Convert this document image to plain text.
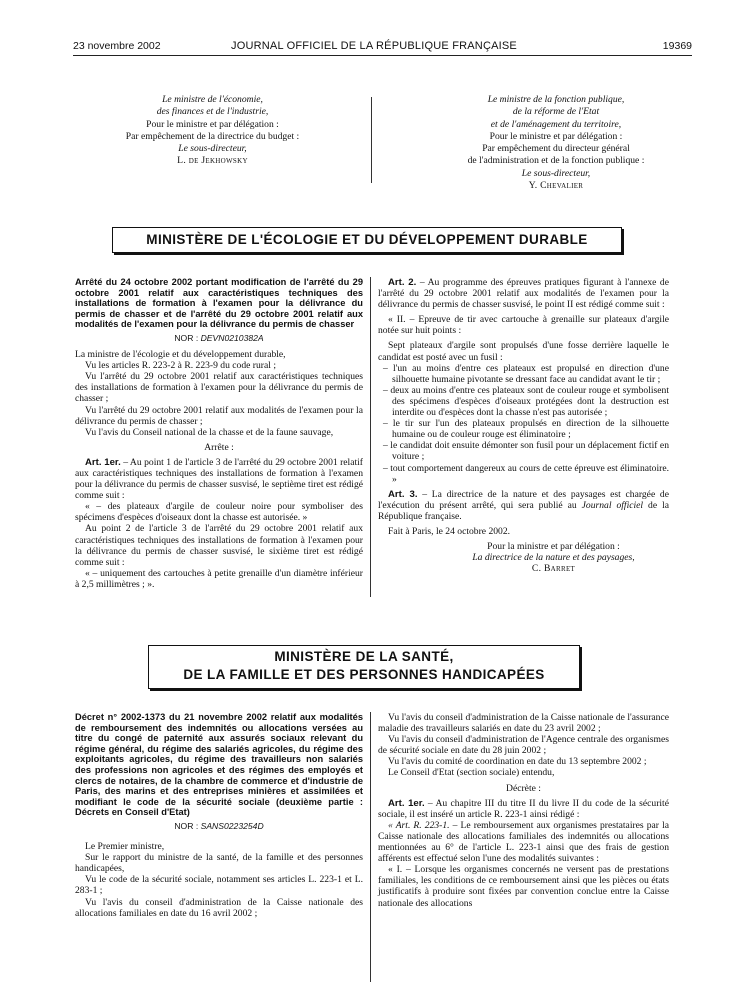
23 novembre 2002	JOURNAL OFFICIEL DE LA RÉPUBLIQUE FRANÇAISE	19369
Le ministre de l'économie,
des finances et de l'industrie,
Pour le ministre et par délégation :
Par empêchement de la directrice du budget :
Le sous-directeur,
L. de Jekhowsky
Le ministre de la fonction publique,
de la réforme de l'Etat
et de l'aménagement du territoire,
Pour le ministre et par délégation :
Par empêchement du directeur général
de l'administration et de la fonction publique :
Le sous-directeur,
Y. Chevalier
MINISTÈRE DE L'ÉCOLOGIE ET DU DÉVELOPPEMENT DURABLE

Arrêté du 24 octobre 2002 portant modification de l'arrêté du 29 octobre 2001 relatif aux caractéristiques techniques des installations de formation à l'examen pour la délivrance du permis de chasser et de l'arrêté du 29 octobre 2001 relatif aux modalités de l'examen pour la délivrance du permis de chasser

NOR : DEVN0210382A

La ministre de l'écologie et du développement durable,

Vu les articles R. 223-2 à R. 223-9 du code rural ;

Vu l'arrêté du 29 octobre 2001 relatif aux caractéristiques techniques des installations de formation à l'examen pour la délivrance du permis de chasser ;

Vu l'arrêté du 29 octobre 2001 relatif aux modalités de l'examen pour la délivrance du permis de chasser ;

Vu l'avis du Conseil national de la chasse et de la faune sauvage,

Arrête :

Art. 1er. – Au point 1 de l'article 3 de l'arrêté du 29 octobre 2001 relatif aux caractéristiques techniques des installations de formation à l'examen pour la délivrance du permis de chasser susvisé, le septième tiret est rédigé comme suit :

« – des plateaux d'argile de couleur noire pour symboliser des spécimens d'espèces d'oiseaux dont la chasse est autorisée. »

Au point 2 de l'article 3 de l'arrêté du 29 octobre 2001 relatif aux caractéristiques techniques des installations de formation à l'examen pour la délivrance du permis de chasser susvisé, le sixième tiret est rédigé comme suit :

« – uniquement des cartouches à petite grenaille d'un diamètre inférieur à 2,5 millimètres ; ».

Art. 2. – Au programme des épreuves pratiques figurant à l'annexe de l'arrêté du 29 octobre 2001 relatif aux modalités de l'examen pour la délivrance du permis de chasser susvisé, le point II est rédigé comme suit :

« II. – Epreuve de tir avec cartouche à grenaille sur plateaux d'argile notée sur huit points :

Sept plateaux d'argile sont propulsés d'une fosse derrière laquelle le candidat est posté avec un fusil :

– l'un au moins d'entre ces plateaux est propulsé en direction d'une silhouette humaine pivotante se dressant face au candidat avant le tir ;

– deux au moins d'entre ces plateaux sont de couleur rouge et symbolisent des spécimens d'espèces d'oiseaux protégées dont la destruction est interdite ou d'espèces dont la chasse n'est pas autorisée ;

– le tir sur l'un des plateaux propulsés en direction de la silhouette humaine ou de couleur rouge est éliminatoire ;

– le candidat doit ensuite démonter son fusil pour un déplacement fictif en voiture ;

– tout comportement dangereux au cours de cette épreuve est éliminatoire. »

Art. 3. – La directrice de la nature et des paysages est chargée de l'exécution du présent arrêté, qui sera publié au Journal officiel de la République française.

Fait à Paris, le 24 octobre 2002.

Pour la ministre et par délégation :

La directrice de la nature et des paysages,

C. Barret

MINISTÈRE DE LA SANTÉ,
DE LA FAMILLE ET DES PERSONNES HANDICAPÉES

Décret n° 2002-1373 du 21 novembre 2002 relatif aux modalités de remboursement des indemnités ou allocations versées au titre du congé de paternité aux assurés sociaux relevant du régime général, du régime des salariés agricoles, du régime des exploitants agricoles, du régime des travailleurs non salariés des professions non agricoles et des régimes des employés et clercs de notaires, de la chambre de commerce et d'industrie de Paris, des marins et des entreprises minières et assimilées et modifiant le code de la sécurité sociale (deuxième partie : Décrets en Conseil d'Etat)

NOR : SANS0223254D

Le Premier ministre,

Sur le rapport du ministre de la santé, de la famille et des personnes handicapées,

Vu le code de la sécurité sociale, notamment ses articles L. 223-1 et L. 283-1 ;

Vu l'avis du conseil d'administration de la Caisse nationale des allocations familiales en date du 16 avril 2002 ;

Vu l'avis du conseil d'administration de la Caisse nationale de l'assurance maladie des travailleurs salariés en date du 23 avril 2002 ;

Vu l'avis du conseil d'administration de l'Agence centrale des organismes de sécurité sociale en date du 28 juin 2002 ;

Vu l'avis du comité de coordination en date du 13 septembre 2002 ;

Le Conseil d'Etat (section sociale) entendu,

Décrète :

Art. 1er. – Au chapitre III du titre II du livre II du code de la sécurité sociale, il est inséré un article R. 223-1 ainsi rédigé :

« Art. R. 223-1. – Le remboursement aux organismes prestataires par la Caisse nationale des allocations familiales des indemnités ou allocations mentionnées au 6° de l'article L. 223-1 ainsi que des frais de gestion afférents est effectué selon l'une des modalités suivantes :

« I. – Lorsque les organismes concernés ne versent pas de prestations familiales, les conditions de ce remboursement ainsi que les pièces ou états justificatifs à produire sont fixées par convention conclue entre la Caisse nationale des allocations
